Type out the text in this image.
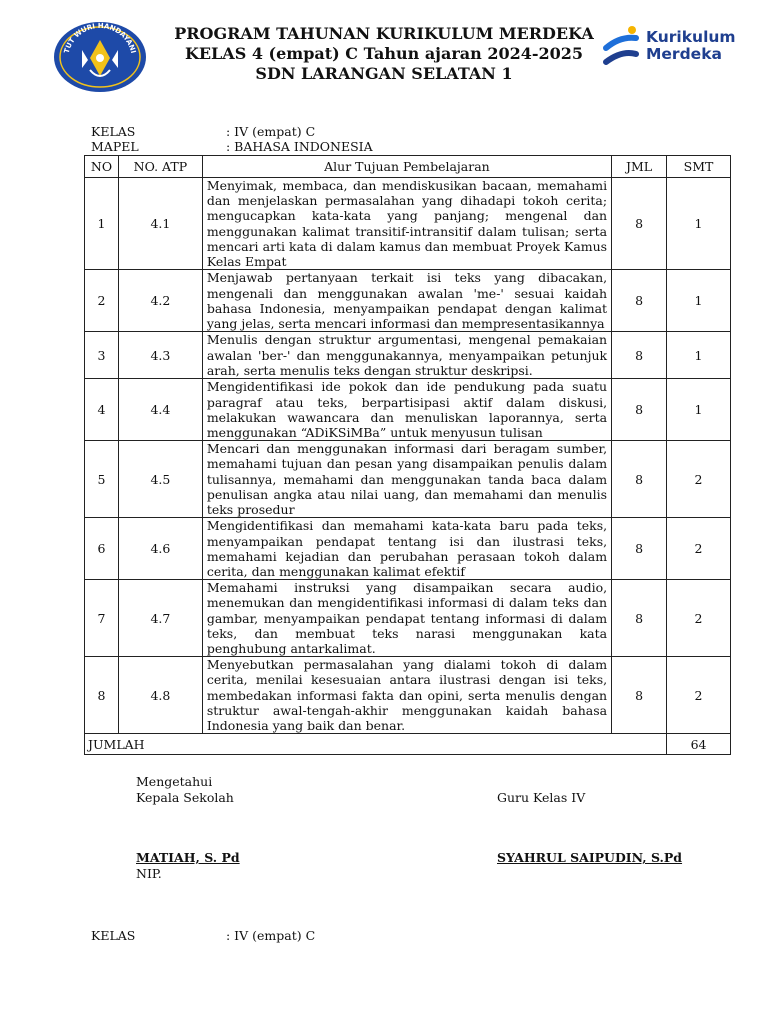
TUT WURI HANDAYANI
PROGRAM TAHUNAN KURIKULUM MERDEKA
KELAS 4 (empat) C Tahun ajaran 2024-2025
SDN LARANGAN SELATAN 1
Kurikulum
Merdeka
KELAS	: IV (empat) C
MAPEL	: BAHASA INDONESIA
NO	NO. ATP	Alur Tujuan Pembelajaran	JML	SMT
1	4.1	Menyimak, membaca, dan mendiskusikan bacaan, memahami dan menjelaskan permasalahan yang dihadapi tokoh cerita; mengucapkan kata-kata yang panjang; mengenal dan menggunakan kalimat transitif-intransitif dalam tulisan; serta mencari arti kata di dalam kamus dan membuat Proyek Kamus Kelas Empat	8	1
2	4.2	Menjawab pertanyaan terkait isi teks yang dibacakan, mengenali dan menggunakan awalan 'me-' sesuai kaidah bahasa Indonesia, menyampaikan pendapat dengan kalimat yang jelas, serta mencari informasi dan mempresentasikannya	8	1
3	4.3	Menulis dengan struktur argumentasi, mengenal pemakaian awalan 'ber-' dan menggunakannya, menyampaikan petunjuk arah, serta menulis teks dengan struktur deskripsi.	8	1
4	4.4	Mengidentifikasi ide pokok dan ide pendukung pada suatu paragraf atau teks, berpartisipasi aktif dalam diskusi, melakukan wawancara dan menuliskan laporannya, serta menggunakan “ADiKSiMBa” untuk menyusun tulisan	8	1
5	4.5	Mencari dan menggunakan informasi dari beragam sumber, memahami tujuan dan pesan yang disampaikan penulis dalam tulisannya, memahami dan menggunakan tanda baca dalam penulisan angka atau nilai uang, dan memahami dan menulis teks prosedur	8	2
6	4.6	Mengidentifikasi dan memahami kata-kata baru pada teks, menyampaikan pendapat tentang isi dan ilustrasi teks, memahami kejadian dan perubahan perasaan tokoh dalam cerita, dan menggunakan kalimat efektif	8	2
7	4.7	Memahami instruksi yang disampaikan secara audio, menemukan dan mengidentifikasi informasi di dalam teks dan gambar, menyampaikan pendapat tentang informasi di dalam teks, dan membuat teks narasi menggunakan kata penghubung antarkalimat.	8	2
8	4.8	Menyebutkan permasalahan yang dialami tokoh di dalam cerita, menilai kesesuaian antara ilustrasi dengan isi teks, membedakan informasi fakta dan opini, serta menulis dengan struktur awal-tengah-akhir menggunakan kaidah bahasa Indonesia yang baik dan benar.	8	2
JUMLAH				64
Mengetahui
Kepala Sekolah	Guru Kelas IV
MATIAH, S. Pd
NIP.
SYAHRUL SAIPUDIN, S.Pd
KELAS	: IV (empat) C
